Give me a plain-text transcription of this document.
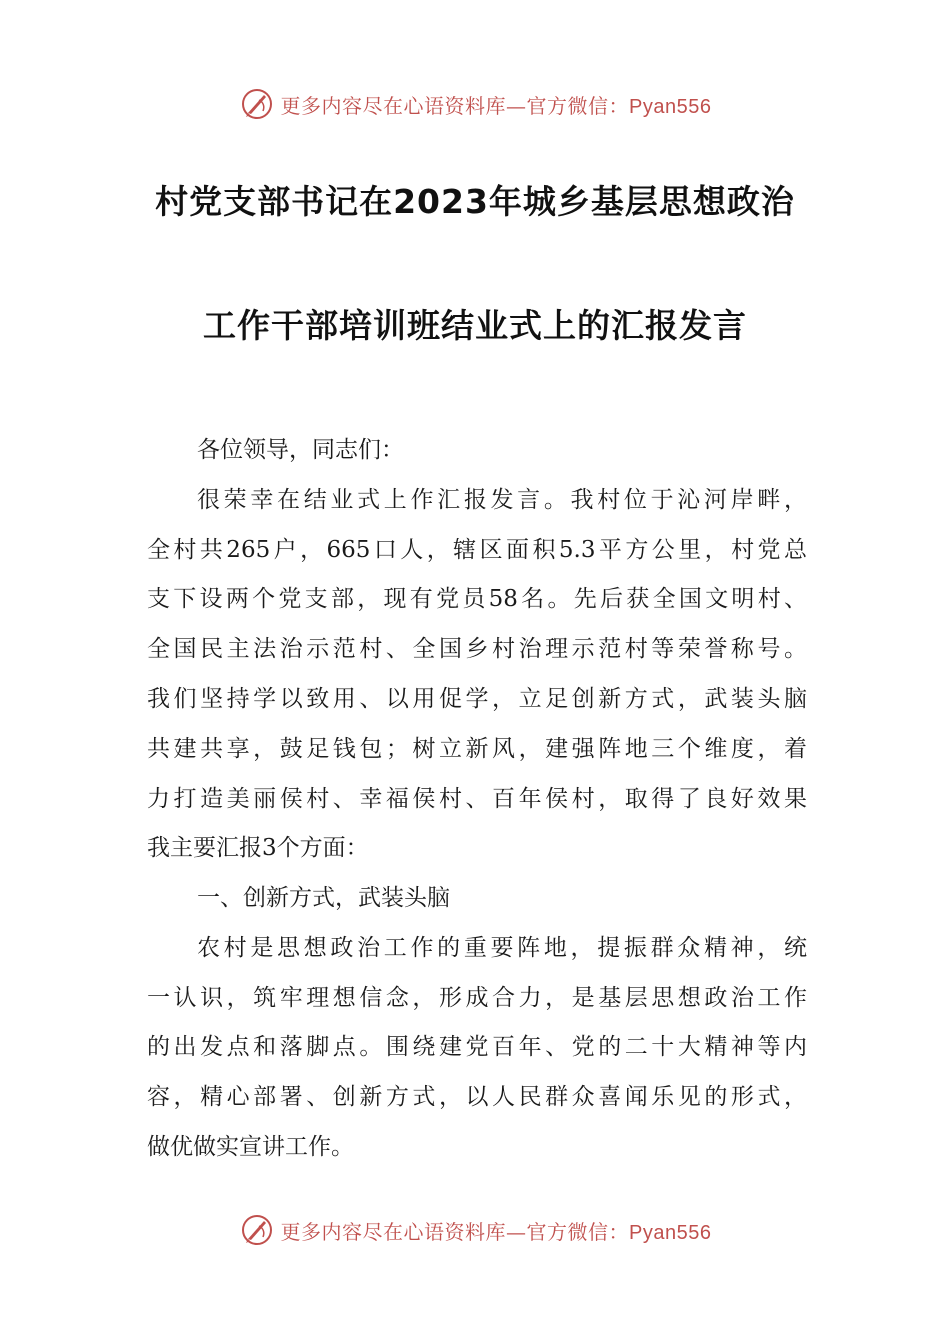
更多内容尽在心语资料库—官方微信：Pyan556
村党支部书记在2023年城乡基层思想政治
工作干部培训班结业式上的汇报发言
各位领导，同志们：
很荣幸在结业式上作汇报发言。我村位于沁河岸畔，
全村共265户，665口人，辖区面积5.3平方公里，村党总
支下设两个党支部，现有党员58名。先后获全国文明村、
全国民主法治示范村、全国乡村治理示范村等荣誉称号。
我们坚持学以致用、以用促学，立足创新方式，武装头脑
共建共享，鼓足钱包；树立新风，建强阵地三个维度，着
力打造美丽侯村、幸福侯村、百年侯村，取得了良好效果
我主要汇报3个方面：
一、创新方式，武装头脑
农村是思想政治工作的重要阵地，提振群众精神，统
一认识，筑牢理想信念，形成合力，是基层思想政治工作
的出发点和落脚点。围绕建党百年、党的二十大精神等内
容，精心部署、创新方式，以人民群众喜闻乐见的形式，
做优做实宣讲工作。
更多内容尽在心语资料库—官方微信：Pyan556
